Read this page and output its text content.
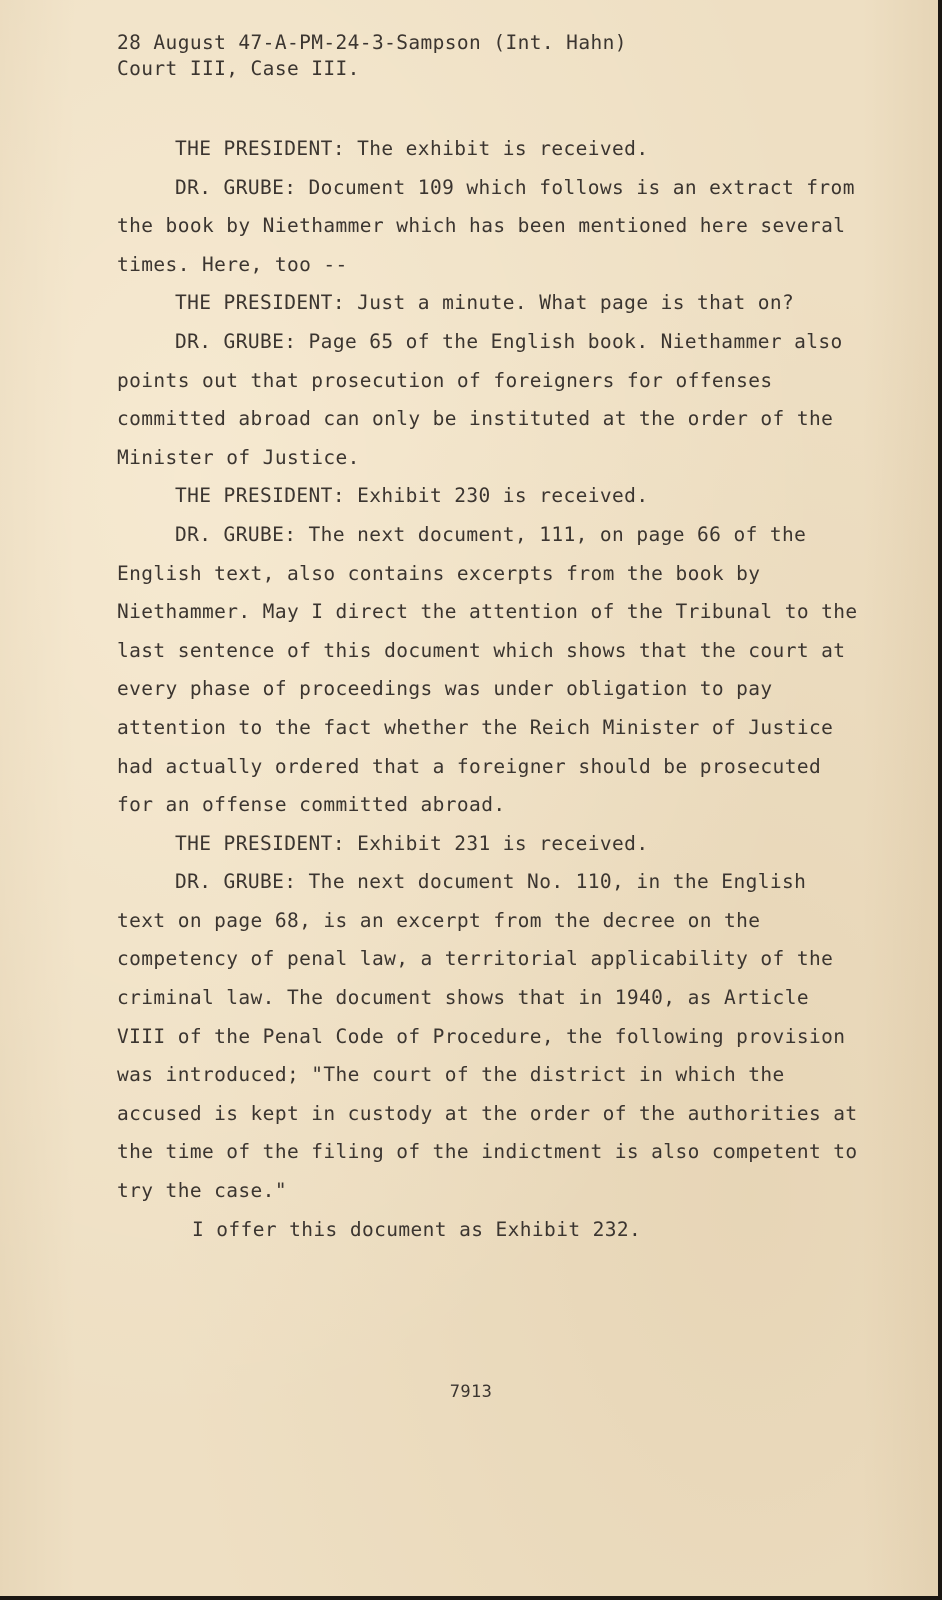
28 August 47-A-PM-24-3-Sampson (Int. Hahn)
Court III, Case III.

THE PRESIDENT: The exhibit is received.

DR. GRUBE: Document 109 which follows is an extract from the book by Niethammer which has been mentioned here several times. Here, too --

THE PRESIDENT: Just a minute. What page is that on?

DR. GRUBE: Page 65 of the English book. Niethammer also points out that prosecution of foreigners for offenses committed abroad can only be instituted at the order of the Minister of Justice.

THE PRESIDENT: Exhibit 230 is received.

DR. GRUBE: The next document, 111, on page 66 of the English text, also contains excerpts from the book by Niethammer. May I direct the attention of the Tribunal to the last sentence of this document which shows that the court at every phase of proceedings was under obligation to pay attention to the fact whether the Reich Minister of Justice had actually ordered that a foreigner should be prosecuted for an offense committed abroad.

THE PRESIDENT: Exhibit 231 is received.

DR. GRUBE: The next document No. 110, in the English text on page 68, is an excerpt from the decree on the competency of penal law, a territorial applicability of the criminal law. The document shows that in 1940, as Article VIII of the Penal Code of Procedure, the following provision was introduced; "The court of the district in which the accused is kept in custody at the order of the authorities at the time of the filing of the indictment is also competent to try the case."

I offer this document as Exhibit 232.

7913
